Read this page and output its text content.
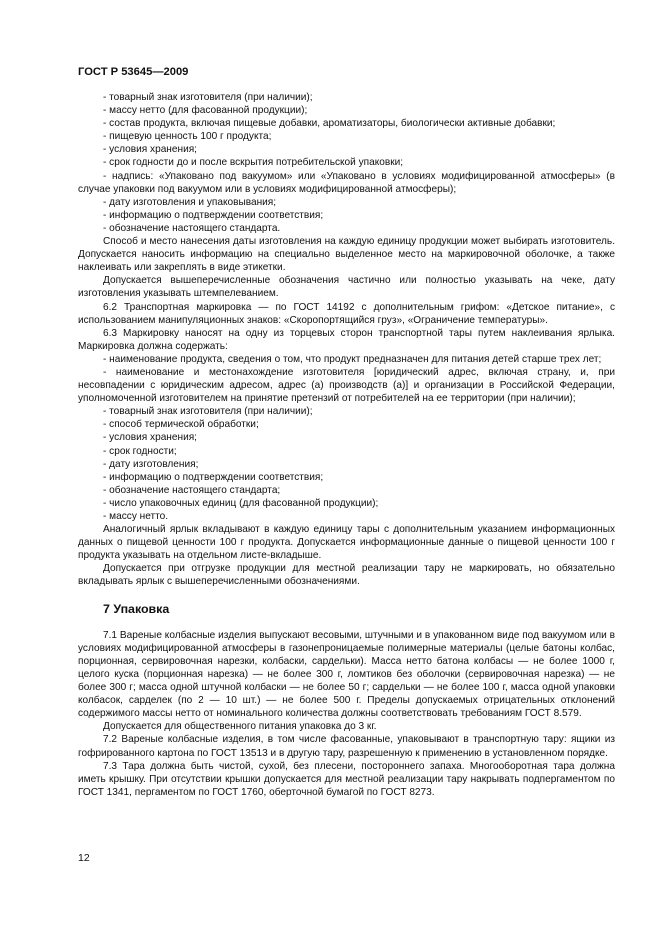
ГОСТ Р 53645—2009

- товарный знак изготовителя (при наличии);

- массу нетто (для фасованной продукции);

- состав продукта, включая пищевые добавки, ароматизаторы, биологически активные добавки;

- пищевую ценность 100 г продукта;

- условия хранения;

- срок годности до и после вскрытия потребительской упаковки;

- надпись: «Упаковано под вакуумом» или «Упаковано в условиях модифицированной атмосферы» (в случае упаковки под вакуумом или в условиях модифицированной атмосферы);

- дату изготовления и упаковывания;

- информацию о подтверждении соответствия;

- обозначение настоящего стандарта.

Способ и место нанесения даты изготовления на каждую единицу продукции может выбирать изготовитель. Допускается наносить информацию на специально выделенное место на маркировочной оболочке, а также наклеивать или закреплять в виде этикетки.

Допускается вышеперечисленные обозначения частично или полностью указывать на чеке, дату изготовления указывать штемпелеванием.

6.2 Транспортная маркировка — по ГОСТ 14192 с дополнительным грифом: «Детское питание», с использованием манипуляционных знаков: «Скоропортящийся груз», «Ограничение температуры».

6.3 Маркировку наносят на одну из торцевых сторон транспортной тары путем наклеивания ярлыка. Маркировка должна содержать:

- наименование продукта, сведения о том, что продукт предназначен для питания детей старше трех лет;

- наименование и местонахождение изготовителя [юридический адрес, включая страну, и, при несовпадении с юридическим адресом, адрес (а) производств (а)] и организации в Российской Федерации, уполномоченной изготовителем на принятие претензий от потребителей на ее территории (при наличии);

- товарный знак изготовителя (при наличии);

- способ термической обработки;

- условия хранения;

- срок годности;

- дату изготовления;

- информацию о подтверждении соответствия;

- обозначение настоящего стандарта;

- число упаковочных единиц (для фасованной продукции);

- массу нетто.

Аналогичный ярлык вкладывают в каждую единицу тары с дополнительным указанием информационных данных о пищевой ценности 100 г продукта. Допускается информационные данные о пищевой ценности 100 г продукта указывать на отдельном листе-вкладыше.

Допускается при отгрузке продукции для местной реализации тару не маркировать, но обязательно вкладывать ярлык с вышеперечисленными обозначениями.

7 Упаковка

7.1 Вареные колбасные изделия выпускают весовыми, штучными и в упакованном виде под вакуумом или в условиях модифицированной атмосферы в газонепроницаемые полимерные материалы (целые батоны колбас, порционная, сервировочная нарезки, колбаски, сардельки). Масса нетто батона колбасы — не более 1000 г, целого куска (порционная нарезка) — не более 300 г, ломтиков без оболочки (сервировочная нарезка) — не более 300 г; масса одной штучной колбаски — не более 50 г; сардельки — не более 100 г, масса одной упаковки колбасок, сарделек (по 2 — 10 шт.) — не более 500 г. Пределы допускаемых отрицательных отклонений содержимого массы нетто от номинального количества должны соответствовать требованиям ГОСТ 8.579.

Допускается для общественного питания упаковка до 3 кг.

7.2 Вареные колбасные изделия, в том числе фасованные, упаковывают в транспортную тару: ящики из гофрированного картона по ГОСТ 13513 и в другую тару, разрешенную к применению в установленном порядке.

7.3 Тара должна быть чистой, сухой, без плесени, постороннего запаха. Многооборотная тара должна иметь крышку. При отсутствии крышки допускается для местной реализации тару накрывать подпергаментом по ГОСТ 1341, пергаментом по ГОСТ 1760, оберточной бумагой по ГОСТ 8273.

12
